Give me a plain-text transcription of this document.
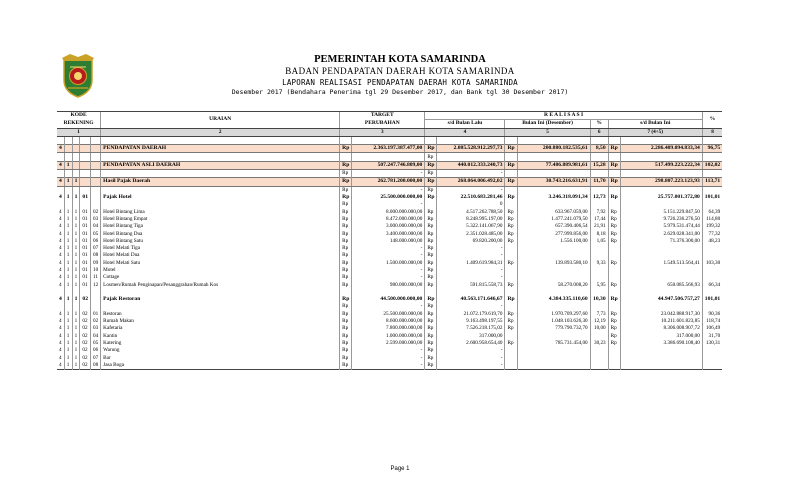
PEMERINTAH KOTA SAMARINDA
BADAN PENDAPATAN DAERAH KOTA SAMARINDA
LAPORAN REALISASI PENDAPATAN DAERAH KOTA SAMARINDA
Desember 2017 (Bendahara Penerima tgl 29 Desember 2017, dan Bank tgl 30 Desember 2017)
KODE					URAIAN	TARGET		R E A L I S A S I							%
REKENING						PERUBAHAN		s/d Bulan Lalu		Bulan Ini (Desember)		%	s/d Bulan Ini		
1					2	3		4		5		6	7 (4+5)		8

4					PENDAPATAN DAERAH	Rp	2.363.197.387.477,00	Rp	2.085.528.912.297,73	Rp	200.880.182.535,61	8,50	Rp	2.286.409.094.833,34	96,75
								Rp							
4	1				PENDAPATAN ASLI DAERAH	Rp	507.247.746.809,00	Rp	440.012.333.240,73	Rp	77.486.889.981,61	15,28	Rp	517.499.223.222,34	102,02
						Rp	-	Rp	-						
4	1	1			Hasil Pajak Daerah	Rp	262.781.200.000,00	Rp	268.064.006.492,02	Rp	30.743.216.631,91	11,70	Rp	298.807.223.123,93	113,71
						Rp	-	Rp	-						
4	1	1	01		Pajak Hotel	Rp	25.500.000.000,00	Rp	22.510.683.281,46	Rp	3.246.318.091,34	12,73	Rp	25.757.001.372,80	101,01
						Rp	-		0						
4	1	1	01	02	Hotel Bintang Lima	Rp	8.000.000.000,00	Rp	4.517.262.788,50	Rp	633.967.059,00	7,92	Rp	5.151.229.847,50	64,39
4	1	1	01	03	Hotel Bintang Empat	Rp	8.472.000.000,00	Rp	8.248.995.197,00	Rp	1.477.241.079,50	17,44	Rp	9.726.236.276,50	114,80
4	1	1	01	04	Hotel Bintang Tiga	Rp	3.000.000.000,00	Rp	5.322.141.067,90	Rp	657.390.406,54	21,91	Rp	5.979.531.474,44	199,32
4	1	1	01	05	Hotel Bintang Dua	Rp	3.400.000.000,00	Rp	2.351.028.485,00	Rp	277.999.856,00	8,18	Rp	2.629.028.341,00	77,32
4	1	1	01	06	Hotel Bintang Satu	Rp	148.000.000,00	Rp	69.820.200,00	Rp	1.556.100,00	1,05	Rp	71.376.300,00	48,23
4	1	1	01	07	Hotel Melati Tiga	Rp	-	Rp	-						
4	1	1	01	08	Hotel Melati Dua	Rp	-	Rp	-						
4	1	1	01	09	Hotel Melati Satu	Rp	1.500.000.000,00	Rp	1.409.619.984,31	Rp	139.893.580,10	9,33	Rp	1.549.513.564,41	103,30
4	1	1	01	10	Motel	Rp	-	Rp	-						
4	1	1	01	11	Cottage	Rp	-	Rp	-						
4	1	1	01	12	Losmen/Rumah Penginapan/Pesanggrahan/Rumah Kos	Rp	980.000.000,00	Rp	591.815.558,73	Rp	58.270.008,20	5,95	Rp	650.085.566,93	66,34

4	1	1	02		Pajak Restoran	Rp	44.500.000.000,00	Rp	40.563.171.646,67	Rp	4.384.335.110,60	10,30	Rp	44.947.506.757,27	101,01
						Rp	-	Rp	-						
4	1	1	02	01	Restoran	Rp	25.500.000.000,00	Rp	21.072.179.619,70	Rp	1.970.709.297,60	7,73	Rp	23.042.888.917,30	90,36
4	1	1	02	02	Rumah Makan	Rp	8.600.000.000,00	Rp	9.163.498.197,55	Rp	1.048.103.626,30	12,19	Rp	10.211.601.823,85	118,74
4	1	1	02	03	Kafetaria	Rp	7.800.000.000,00	Rp	7.526.218.175,02	Rp	779.790.732,70	10,00	Rp	8.306.008.907,72	106,49
4	1	1	02	04	Kantin	Rp	1.000.000.000,00	Rp	317.000,00				Rp	317.000,00	31,70
4	1	1	02	05	Katering	Rp	2.599.000.000,00	Rp	2.600.958.654,40	Rp	785.731.454,00	30,23	Rp	3.386.690.108,40	130,31
4	1	1	02	06	Warung	Rp	-	Rp	-						
4	1	1	02	07	Bar	Rp	-	Rp	-						
4	1	1	02	08	Jasa Boga	Rp	-	Rp	-						
Page 1
